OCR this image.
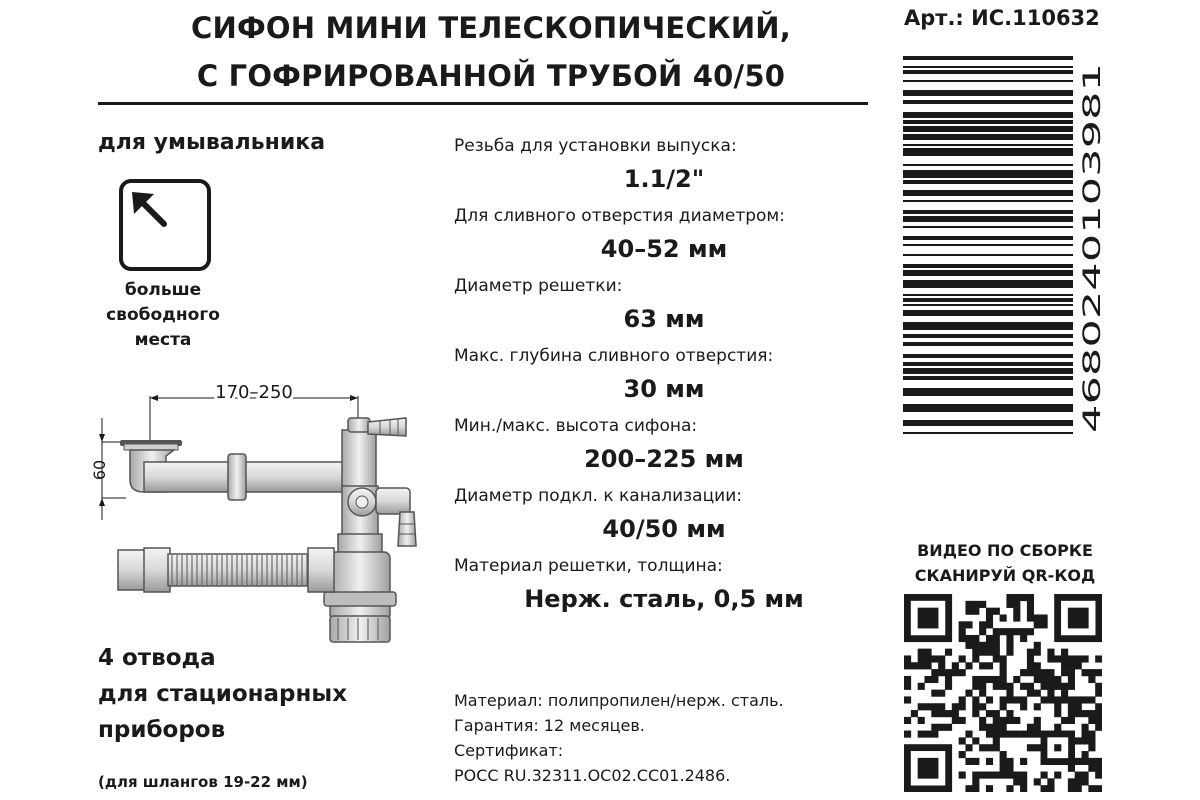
СИФОН МИНИ ТЕЛЕСКОПИЧЕСКИЙ,
С ГОФРИРОВАННОЙ ТРУБОЙ 40/50
Арт.: ИС.110632
4680240103981
для умывальника
больше
свободного
места
170–250
60
Резьба для установки выпуска:
1.1/2"
Для сливного отверстия диаметром:
40–52 мм
Диаметр решетки:
63 мм
Макс. глубина сливного отверстия:
30 мм
Мин./макс. высота сифона:
200–225 мм
Диаметр подкл. к канализации:
40/50 мм
Материал решетки, толщина:
Нерж. сталь, 0,5 мм
4 отвода
для стационарных
приборов
(для шлангов 19-22 мм)
Материал: полипропилен/нерж. сталь.
Гарантия: 12 месяцев.
Сертификат:
РОСС RU.32311.ОС02.СС01.2486.
ВИДЕО ПО СБОРКЕ
СКАНИРУЙ QR-КОД
